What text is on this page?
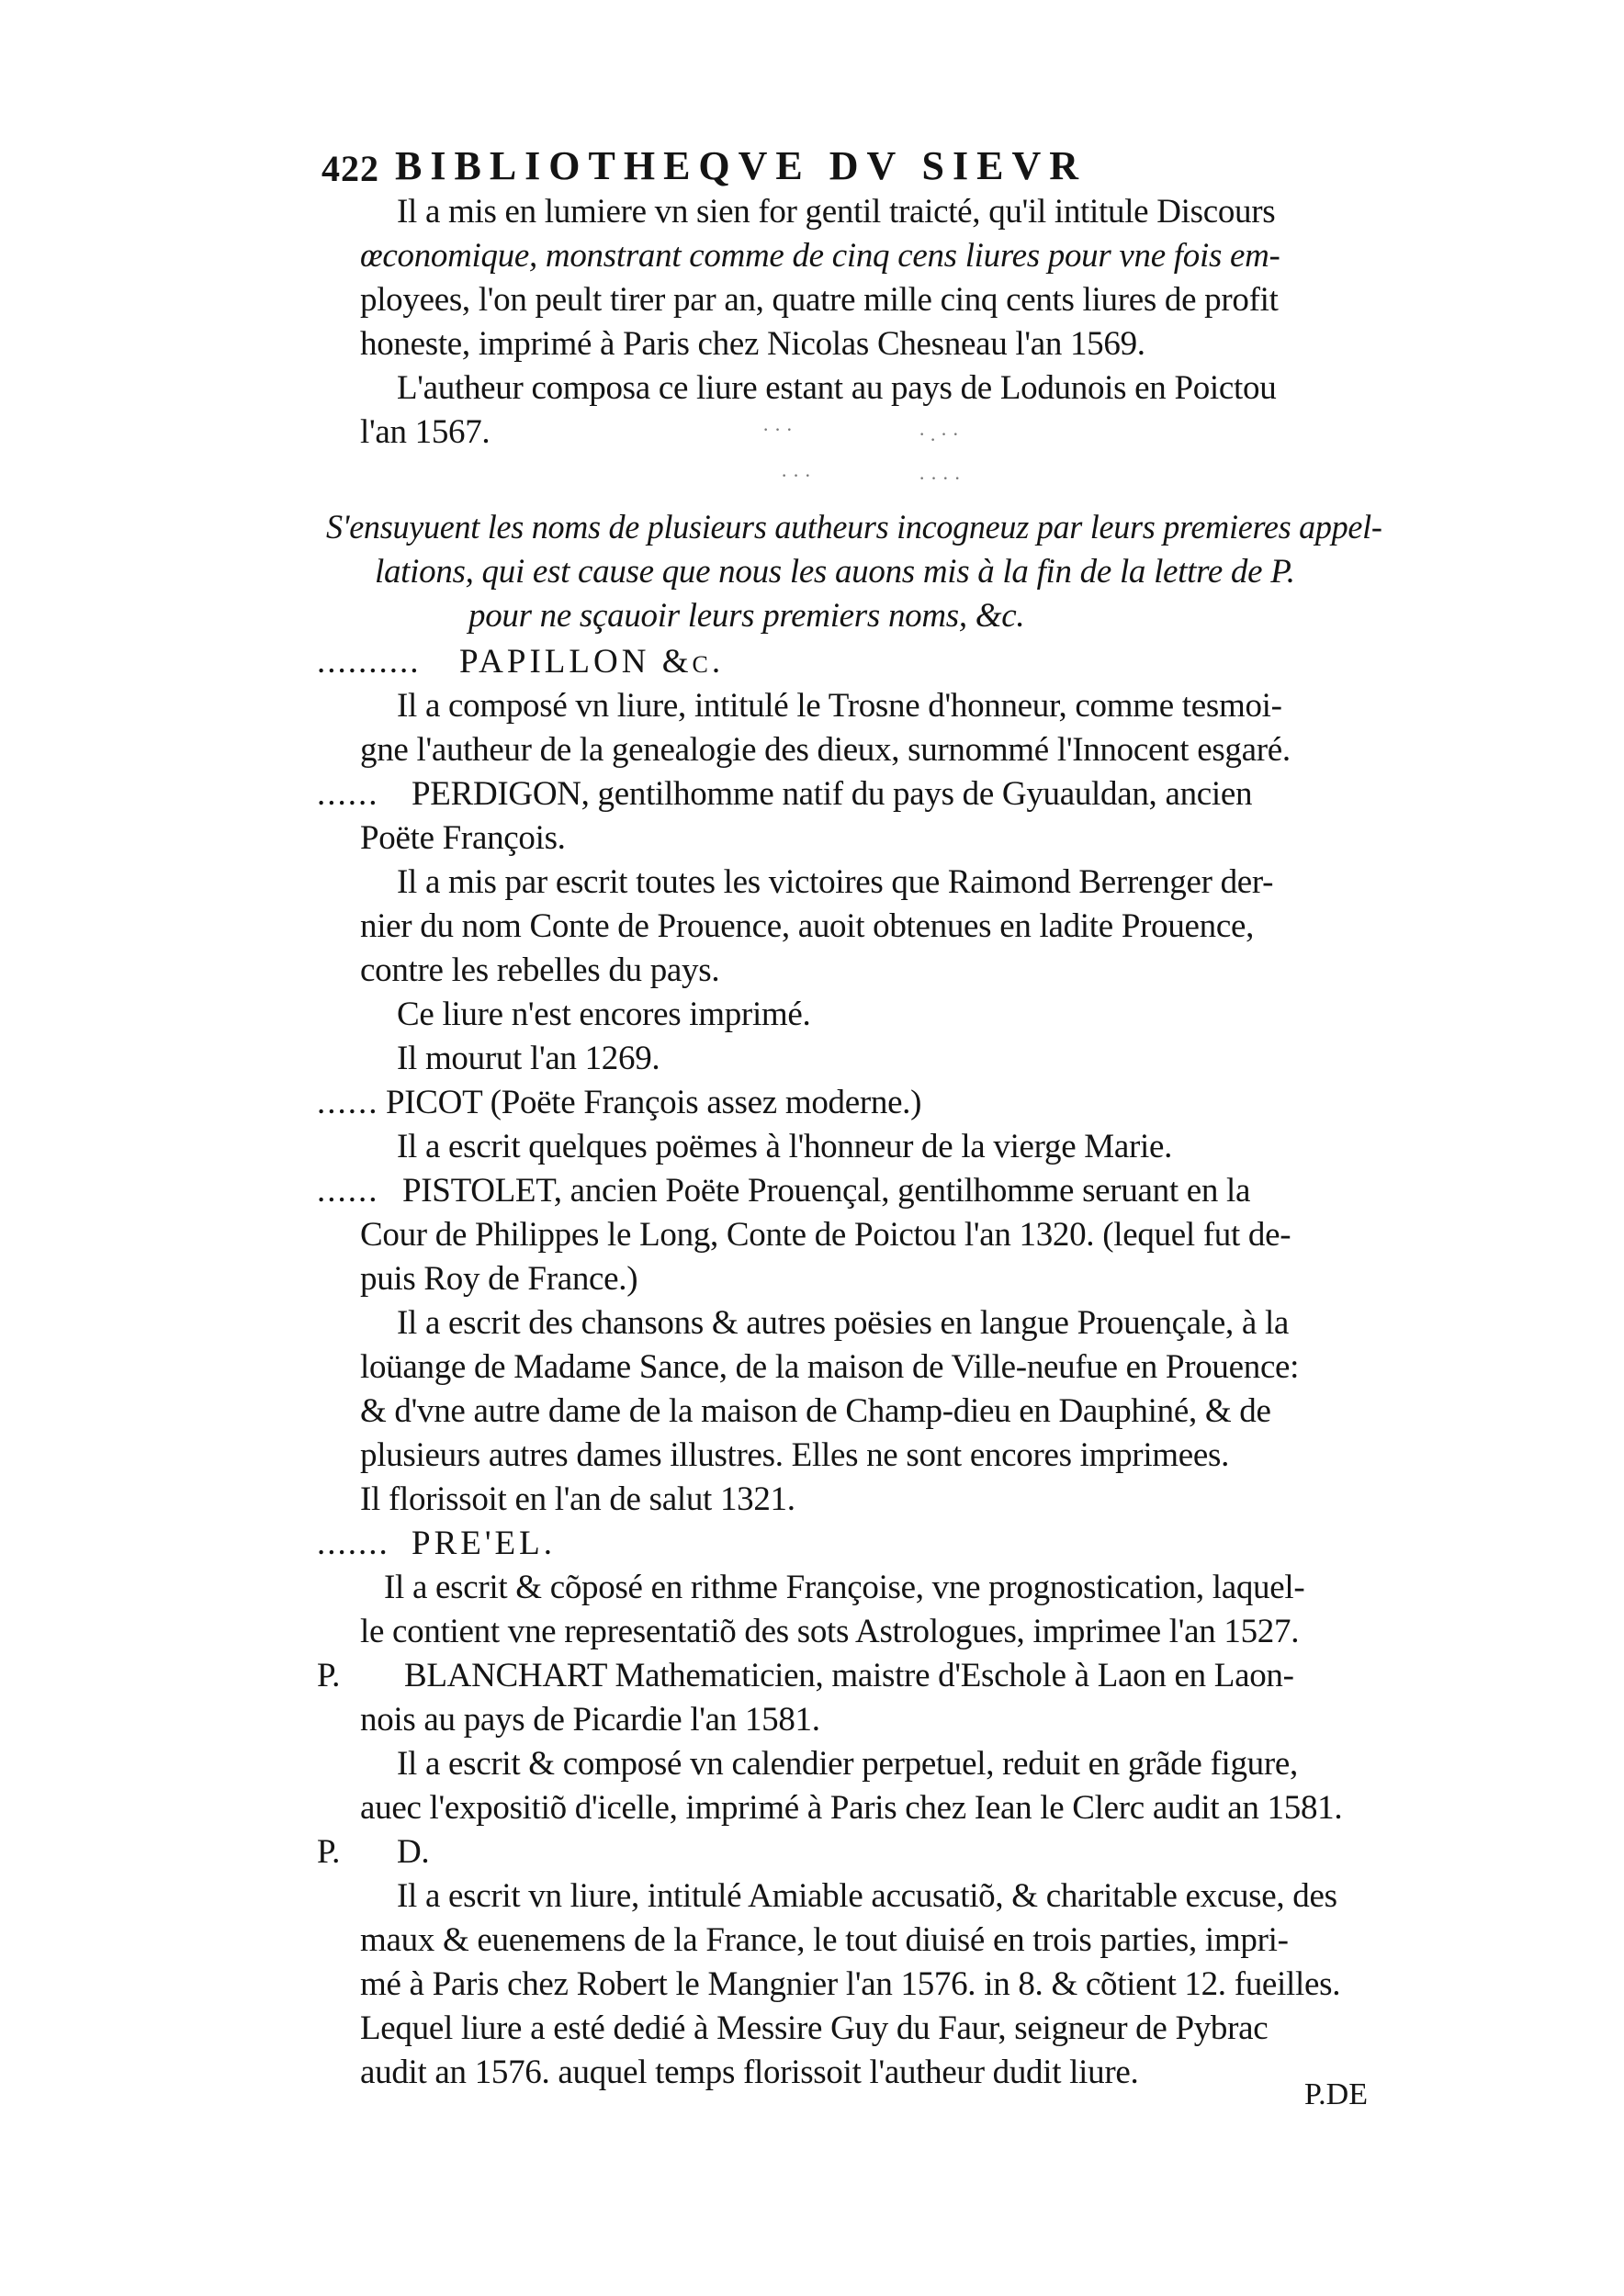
422 BIBLIOTHEQVE DV SIEVR
Il a mis en lumiere vn sien for gentil traicté, qu'il intitule Discours
œconomique, monstrant comme de cinq cens liures pour vne fois em-
ployees, l'on peult tirer par an, quatre mille cinq cents liures de profit
honeste, imprimé à Paris chez Nicolas Chesneau l'an 1569.
L'autheur composa ce liure estant au pays de Lodunois en Poictou
l'an 1567.	· · ·	· . · ·
· · ·	· · · ·
S'ensuyuent les noms de plusieurs autheurs incogneuz par leurs premieres appel-
lations, qui est cause que nous les auons mis à la fin de la lettre de P.
pour ne sçauoir leurs premiers noms, &c.
.......... PAPILLON &c.
Il a composé vn liure, intitulé le Trosne d'honneur, comme tesmoi-
gne l'autheur de la genealogie des dieux, surnommé l'Innocent esgaré.
...... PERDIGON, gentilhomme natif du pays de Gyuauldan, ancien
Poëte François.
Il a mis par escrit toutes les victoires que Raimond Berrenger der-
nier du nom Conte de Prouence, auoit obtenues en ladite Prouence,
contre les rebelles du pays.
Ce liure n'est encores imprimé.
Il mourut l'an 1269.
...... PICOT (Poëte François assez moderne.)
Il a escrit quelques poëmes à l'honneur de la vierge Marie.
...... PISTOLET, ancien Poëte Prouençal, gentilhomme seruant en la
Cour de Philippes le Long, Conte de Poictou l'an 1320. (lequel fut de-
puis Roy de France.)
Il a escrit des chansons & autres poësies en langue Prouençale, à la
loüange de Madame Sance, de la maison de Ville-neufue en Prouence:
& d'vne autre dame de la maison de Champ-dieu en Dauphiné, & de
plusieurs autres dames illustres. Elles ne sont encores imprimees.
Il florissoit en l'an de salut 1321.
....... PRE'EL.
Il a escrit & cõposé en rithme Françoise, vne prognostication, laquel-
le contient vne representatiõ des sots Astrologues, imprimee l'an 1527.
P. BLANCHART Mathematicien, maistre d'Eschole à Laon en Laon-
nois au pays de Picardie l'an 1581.
Il a escrit & composé vn calendier perpetuel, reduit en grãde figure,
auec l'expositiõ d'icelle, imprimé à Paris chez Iean le Clerc audit an 1581.
P. D.
Il a escrit vn liure, intitulé Amiable accusatiõ, & charitable excuse, des
maux & euenemens de la France, le tout diuisé en trois parties, impri-
mé à Paris chez Robert le Mangnier l'an 1576. in 8. & cõtient 12. fueilles.
Lequel liure a esté dedié à Messire Guy du Faur, seigneur de Pybrac
audit an 1576. auquel temps florissoit l'autheur dudit liure.
P.DE
